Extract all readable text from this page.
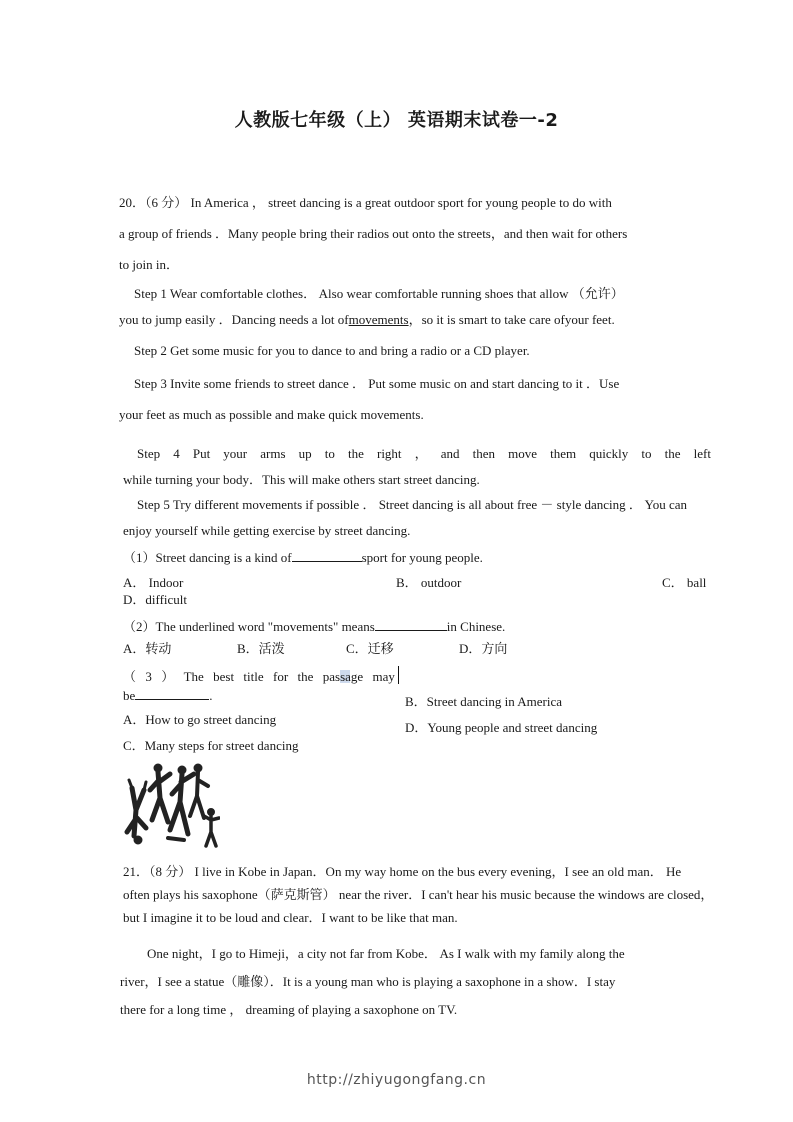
人教版七年级（上） 英语期末试卷一-2
20．（6 分） In America ， street dancing is a great outdoor sport for young people to do with
a group of friends ．Many people bring their radios out onto the streets，and then wait for others
to join in．
Step 1 Wear comfortable clothes． Also wear comfortable running shoes that allow （允许）
you to jump easily ．Dancing needs a lot ofmovements，so it is smart to take care ofyour feet.
Step 2 Get some music for you to dance to and bring a radio or a CD player.
Step 3 Invite some friends to street dance ． Put some music on and start dancing to it ．Use
your feet as much as possible and make quick movements.
Step 4 Put your arms up to the right ， and then move them quickly to the left
while turning your body．This will make others start street dancing.
Step 5 Try different movements if possible ． Street dancing is all about free － style dancing ． You can
enjoy yourself while getting exercise by street dancing.
（1）Street dancing is a kind of	sport for young people.
A． Indoor	B． outdoor	C． ball
D．difficult
（2）The underlined word "movements" means	in Chinese.
A．转动	B．活泼	C．迁移	D．方向
（ 3 ） The best title for the passage may
be	.	B．Street dancing in America
A．How to go street dancing
D．Young people and street dancing
C．Many steps for street dancing
21．（8 分） I live in Kobe in Japan．On my way home on the bus every evening，I see an old man． He
often plays his saxophone（萨克斯管） near the river．I can't hear his music because the windows are closed，
but I imagine it to be loud and clear．I want to be like that man.
One night，I go to Himeji，a city not far from Kobe． As I walk with my family along the
river，I see a statue（雕像）．It is a young man who is playing a saxophone in a show．I stay
there for a long time ， dreaming of playing a saxophone on TV.
http://zhiyugongfang.cn
